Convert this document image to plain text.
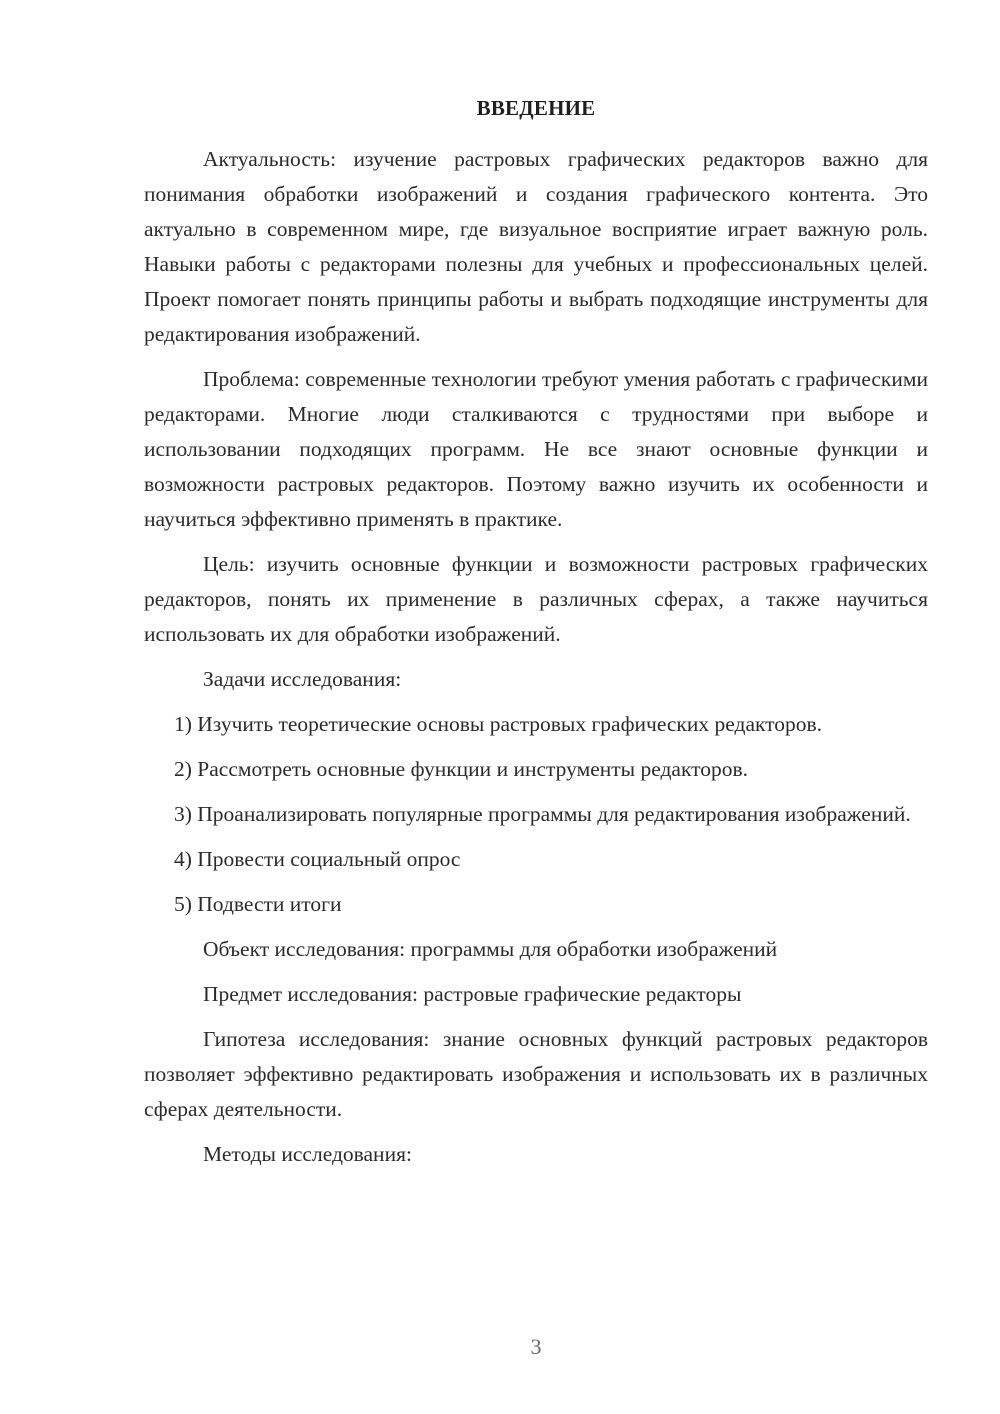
ВВЕДЕНИЕ

Актуальность: изучение растровых графических редакторов важно для понимания обработки изображений и создания графического контента. Это актуально в современном мире, где визуальное восприятие играет важную роль. Навыки работы с редакторами полезны для учебных и профессиональных целей. Проект помогает понять принципы работы и выбрать подходящие инструменты для редактирования изображений.

Проблема: современные технологии требуют умения работать с графическими редакторами. Многие люди сталкиваются с трудностями при выборе и использовании подходящих программ. Не все знают основные функции и возможности растровых редакторов. Поэтому важно изучить их особенности и научиться эффективно применять в практике.

Цель: изучить основные функции и возможности растровых графических редакторов, понять их применение в различных сферах, а также научиться использовать их для обработки изображений.

Задачи исследования:

1) Изучить теоретические основы растровых графических редакторов.

2) Рассмотреть основные функции и инструменты редакторов.

3) Проанализировать популярные программы для редактирования изображений.

4) Провести социальный опрос

5) Подвести итоги

Объект исследования: программы для обработки изображений

Предмет исследования: растровые графические редакторы

Гипотеза исследования: знание основных функций растровых редакторов позволяет эффективно редактировать изображения и использовать их в различных сферах деятельности.

Методы исследования:

3
